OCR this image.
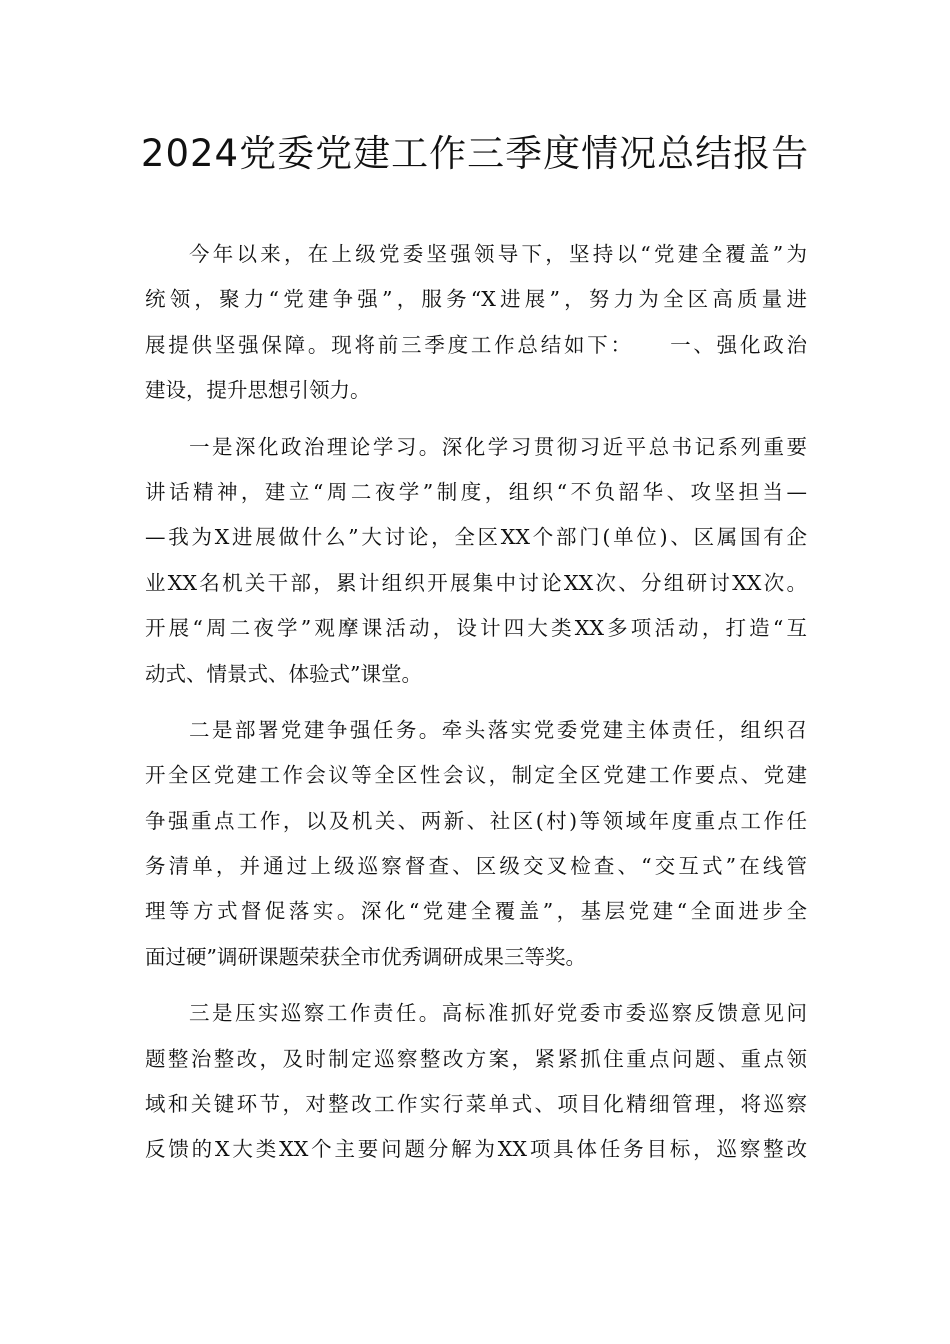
2024党委党建工作三季度情况总结报告
今年以来，在上级党委坚强领导下，坚持以“党建全覆盖”为
统领，聚力“党建争强”，服务“X进展”，努力为全区高质量进
展提供坚强保障。现将前三季度工作总结如下：　　一、强化政治
建设，提升思想引领力。
一是深化政治理论学习。深化学习贯彻习近平总书记系列重要
讲话精神，建立“周二夜学”制度，组织“不负韶华、攻坚担当—
—我为X进展做什么”大讨论，全区XX个部门(单位)、区属国有企
业XX名机关干部，累计组织开展集中讨论XX次、分组研讨XX次。
开展“周二夜学”观摩课活动，设计四大类XX多项活动，打造“互
动式、情景式、体验式”课堂。
二是部署党建争强任务。牵头落实党委党建主体责任，组织召
开全区党建工作会议等全区性会议，制定全区党建工作要点、党建
争强重点工作，以及机关、两新、社区(村)等领域年度重点工作任
务清单，并通过上级巡察督查、区级交叉检查、“交互式”在线管
理等方式督促落实。深化“党建全覆盖”，基层党建“全面进步全
面过硬”调研课题荣获全市优秀调研成果三等奖。
三是压实巡察工作责任。高标准抓好党委市委巡察反馈意见问
题整治整改，及时制定巡察整改方案，紧紧抓住重点问题、重点领
域和关键环节，对整改工作实行菜单式、项目化精细管理，将巡察
反馈的X大类XX个主要问题分解为XX项具体任务目标，巡察整改
